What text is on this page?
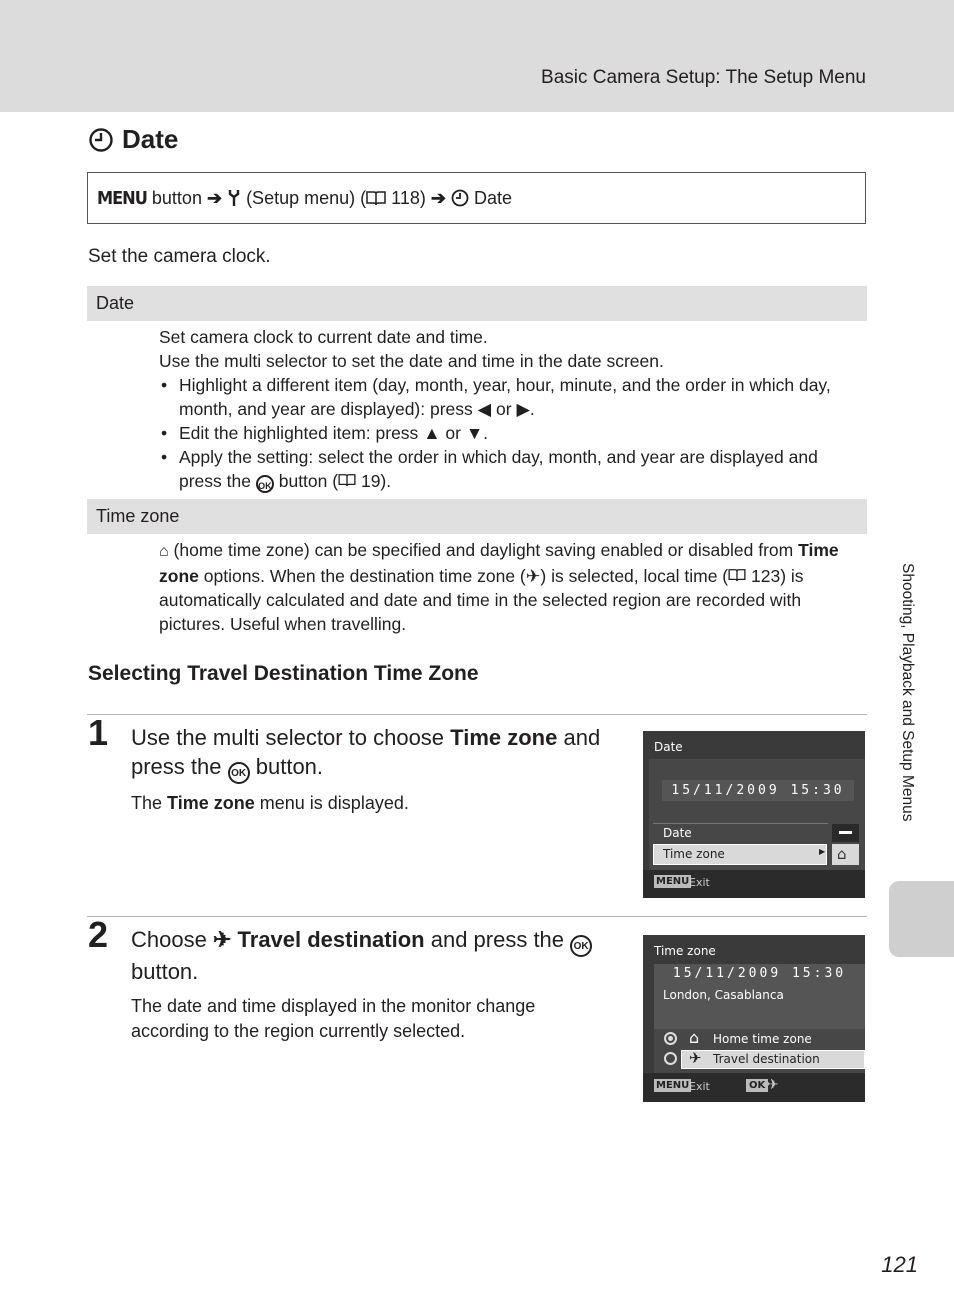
Basic Camera Setup: The Setup Menu
Date
MENU
button ➔
(Setup menu) (
118) ➔
Date
Set the camera clock.
Date

Set camera clock to current date and time.

Use the multi selector to set the date and time in the date screen.

• Highlight a different item (day, month, year, hour, minute, and the order in which day, month, and year are displayed): press ◀ or ▶.
• Edit the highlighted item: press ▲ or ▼.
• Apply the setting: select the order in which day, month, and year are displayed and press the OK button ( 19).
Time zone

⌂ (home time zone) can be specified and daylight saving enabled or disabled from Time zone options. When the destination time zone (✈) is selected, local time ( 123) is automatically calculated and date and time in the selected region are recorded with pictures. Useful when travelling.

Selecting Travel Destination Time Zone
1 Use the multi selector to choose Time zone and press the OK button.
The Time zone menu is displayed.
Date
15/11/2009 15:30
Date
Time zone	▶ ⌂
MENU Exit
2 Choose ✈ Travel destination and press the OK button.
The date and time displayed in the monitor change according to the region currently selected.
Time zone
15/11/2009 15:30
London, Casablanca
⌂ Home time zone
✈ Travel destination
MENU Exit	OK ✈
Shooting, Playback and Setup Menus
121
